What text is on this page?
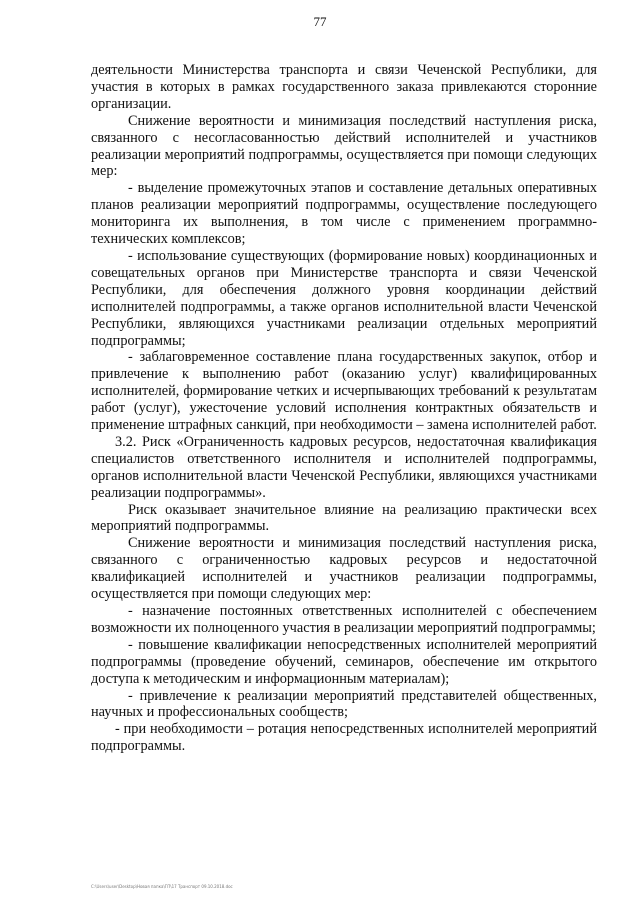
77

деятельности Министерства транспорта и связи Чеченской Республики, для участия в которых в рамках государственного заказа привлекаются сторонние организации.

Снижение вероятности и минимизация последствий наступления риска, связанного с несогласованностью действий исполнителей и участников реализации мероприятий подпрограммы, осуществляется при помощи следующих мер:

- выделение промежуточных этапов и составление детальных оперативных планов реализации мероприятий подпрограммы, осуществление последующего мониторинга их выполнения, в том числе с применением программно-технических комплексов;

- использование существующих (формирование новых) координационных и совещательных органов при Министерстве транспорта и связи Чеченской Республики, для обеспечения должного уровня координации действий исполнителей подпрограммы, а также органов исполнительной власти Чеченской Республики, являющихся участниками реализации отдельных мероприятий подпрограммы;

- заблаговременное составление плана государственных закупок, отбор и привлечение к выполнению работ (оказанию услуг) квалифицированных исполнителей, формирование четких и исчерпывающих требований к результатам работ (услуг), ужесточение условий исполнения контрактных обязательств и применение штрафных санкций, при необходимости – замена исполнителей работ.

3.2. Риск «Ограниченность кадровых ресурсов, недостаточная квалификация специалистов ответственного исполнителя и исполнителей подпрограммы, органов исполнительной власти Чеченской Республики, являющихся участниками реализации подпрограммы».

Риск оказывает значительное влияние на реализацию практически всех мероприятий подпрограммы.

Снижение вероятности и минимизация последствий наступления риска, связанного с ограниченностью кадровых ресурсов и недостаточной квалификацией исполнителей и участников реализации подпрограммы, осуществляется при помощи следующих мер:

- назначение постоянных ответственных исполнителей с обеспечением возможности их полноценного участия в реализации мероприятий подпрограммы;

- повышение квалификации непосредственных исполнителей мероприятий подпрограммы (проведение обучений, семинаров, обеспечение им открытого доступа к методическим и информационным материалам);

- привлечение к реализации мероприятий представителей общественных, научных и профессиональных сообществ;

- при необходимости – ротация непосредственных исполнителей мероприятий подпрограммы.

C:\Users\user\Desktop\Новая папка\ГП\17 Транспорт 09.10.2018.doc
